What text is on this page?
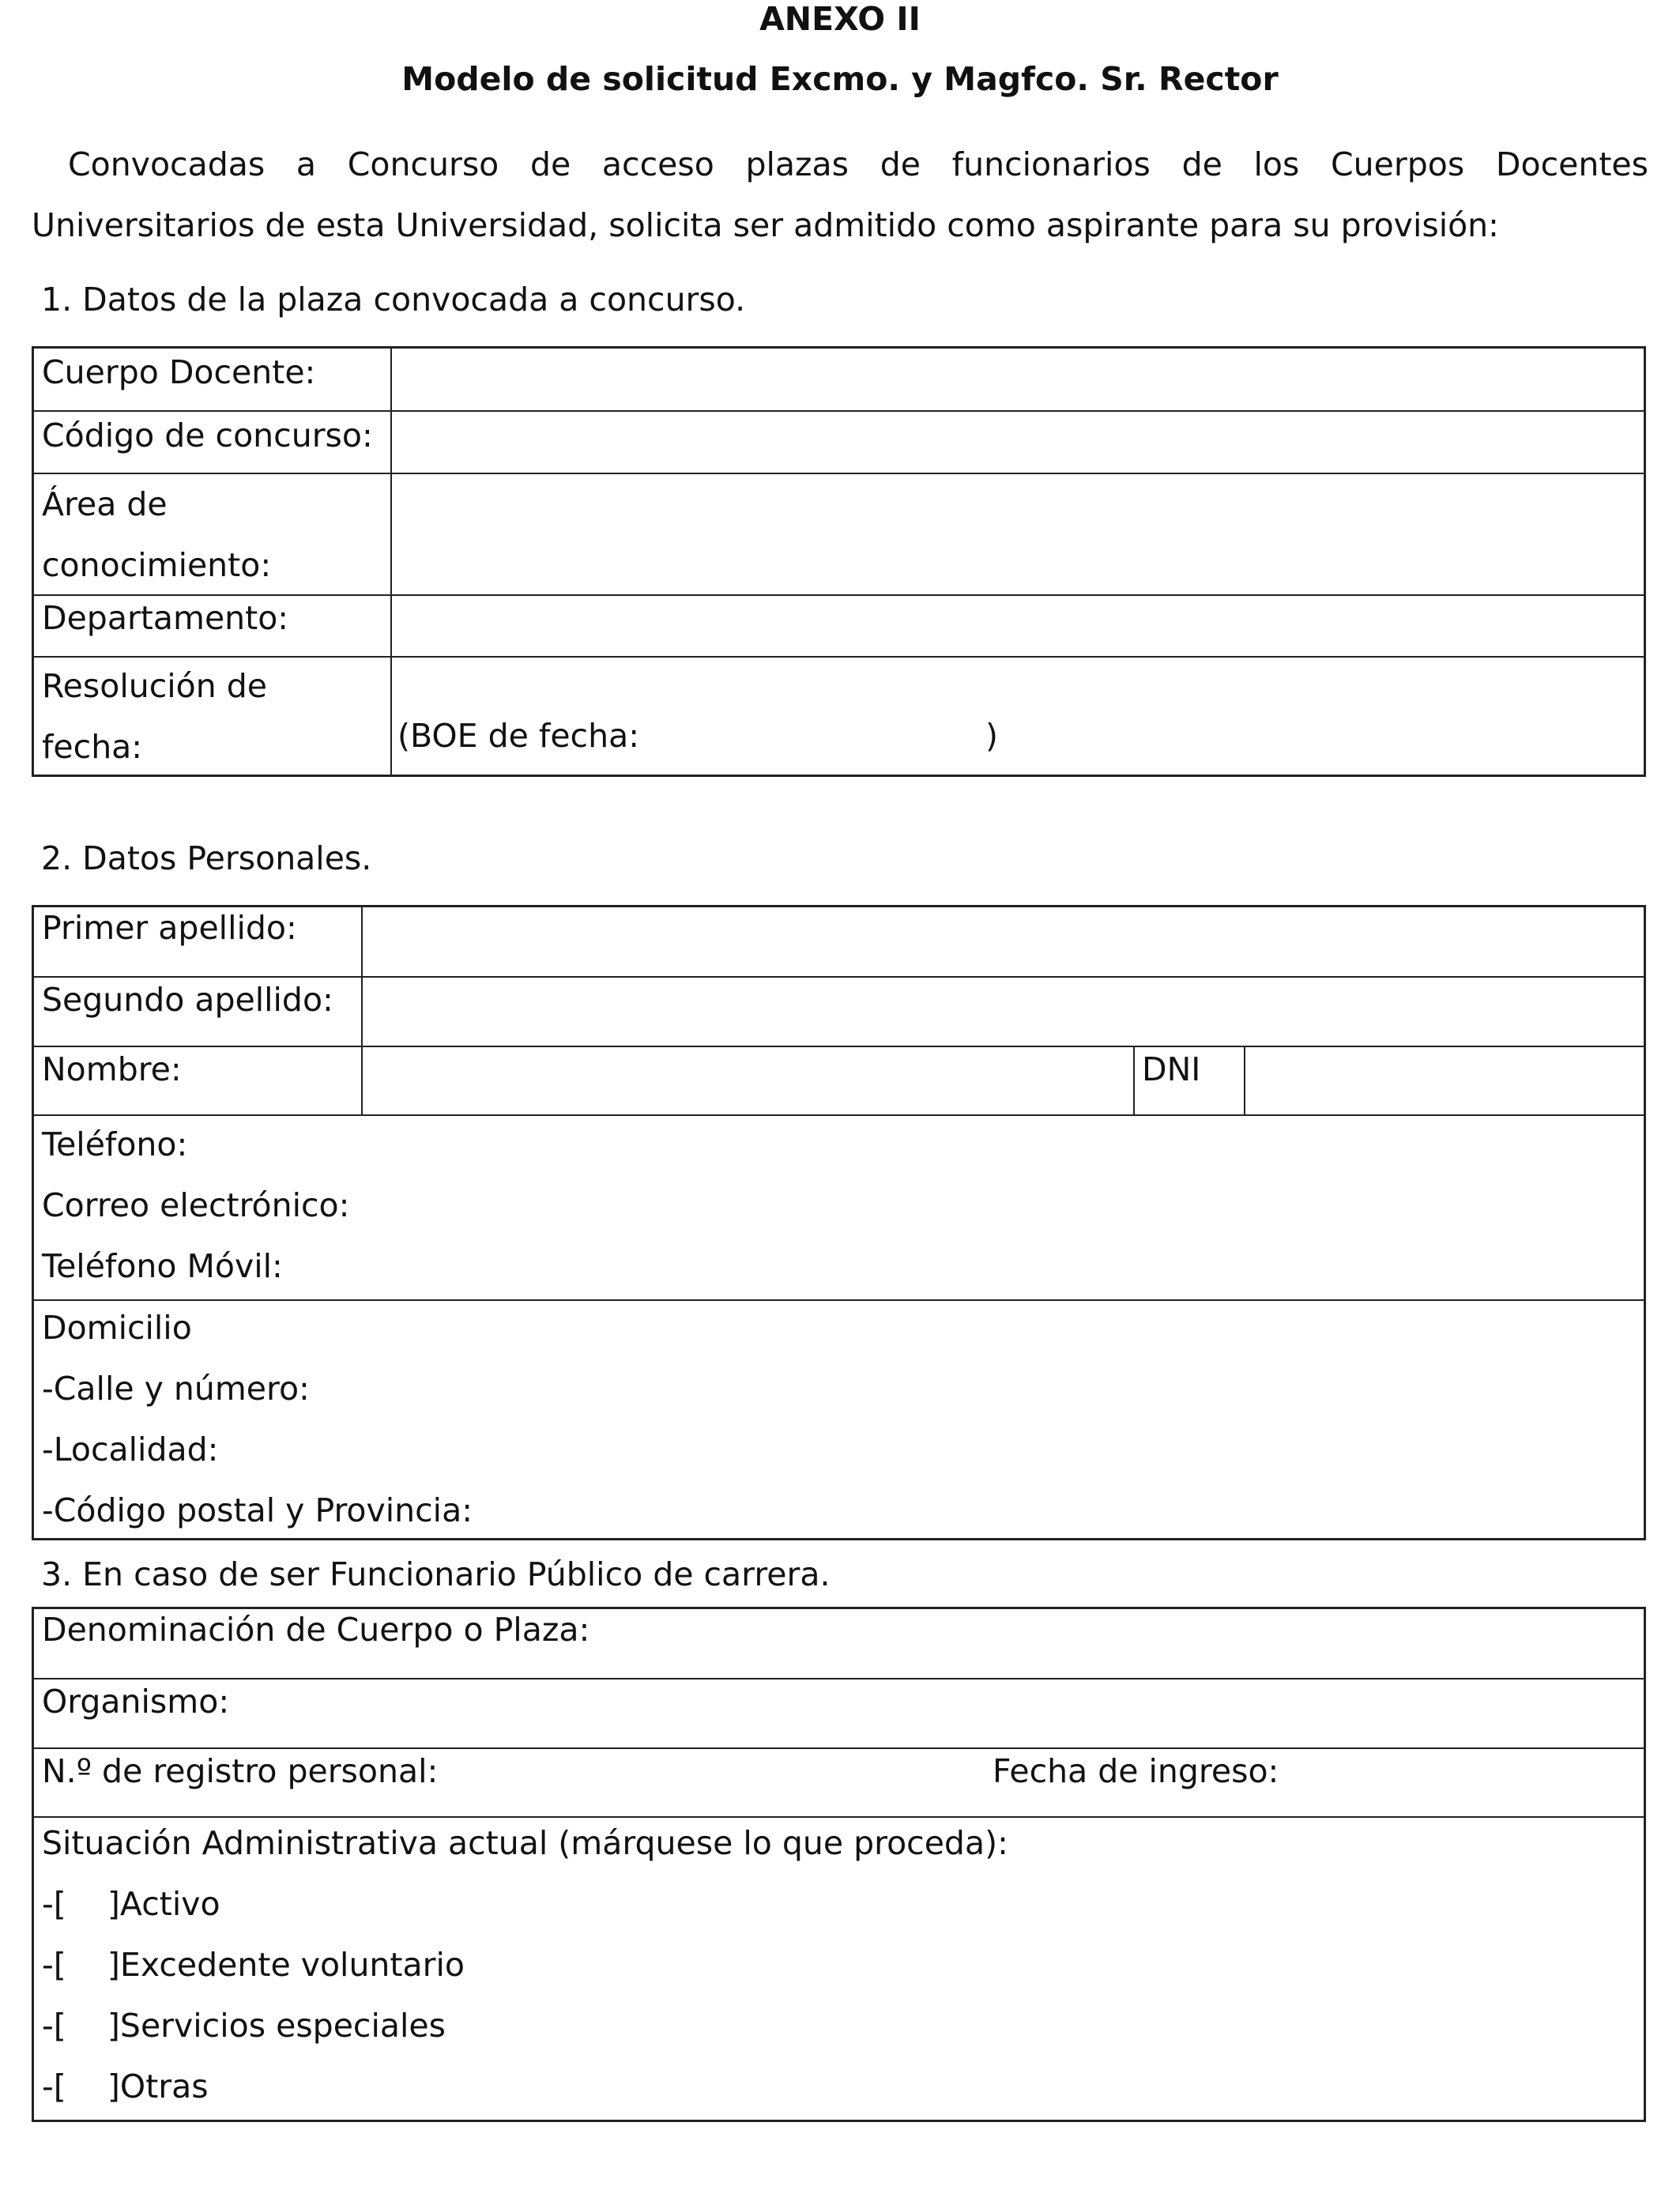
ANEXO II
Modelo de solicitud Excmo. y Magfco. Sr. Rector

Convocadas a Concurso de acceso plazas de funcionarios de los Cuerpos Docentes Universitarios de esta Universidad, solicita ser admitido como aspirante para su provisión:

1. Datos de la plaza convocada a concurso.

Cuerpo Docente:

Código de concurso:

Área de
conocimiento:

Departamento:

Resolución de
fecha:	(BOE de fecha:	)

2. Datos Personales.

Primer apellido:

Segundo apellido:

Nombre:	DNI

Teléfono:
Correo electrónico:
Teléfono Móvil:

Domicilio
-Calle y número:
-Localidad:
-Código postal y Provincia:

3. En caso de ser Funcionario Público de carrera.

Denominación de Cuerpo o Plaza:

Organismo:

N.º de registro personal:	Fecha de ingreso:

Situación Administrativa actual (márquese lo que proceda):
-[    ]Activo
-[    ]Excedente voluntario
-[    ]Servicios especiales
-[    ]Otras
